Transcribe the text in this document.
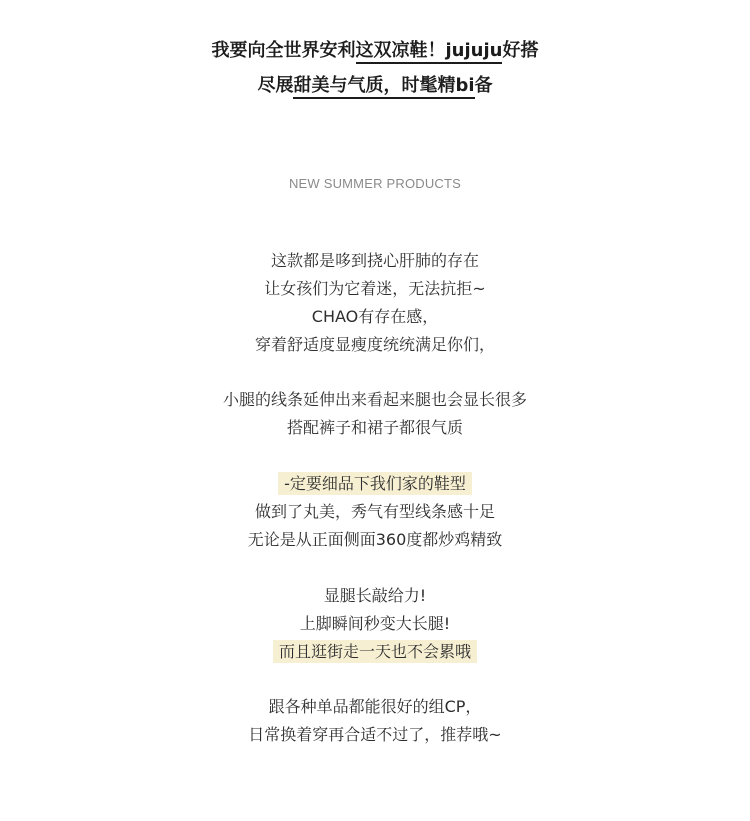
我要向全世界安利这双凉鞋！jujuju好搭
尽展甜美与气质，时髦精bi备
NEW SUMMER PRODUCTS
这款都是哆到挠心肝肺的存在
让女孩们为它着迷，无法抗拒~
CHAO有存在感，
穿着舒适度显瘦度统统满足你们，
小腿的线条延伸出来看起来腿也会显长很多
搭配裤子和裙子都很气质
-定要细品下我们家的鞋型
做到了丸美，秀气有型线条感十足
无论是从正面侧面360度都炒鸡精致
显腿长敲给力!
上脚瞬间秒变大长腿!
而且逛街走一天也不会累哦
跟各种单品都能很好的组CP，
日常换着穿再合适不过了，推荐哦~
